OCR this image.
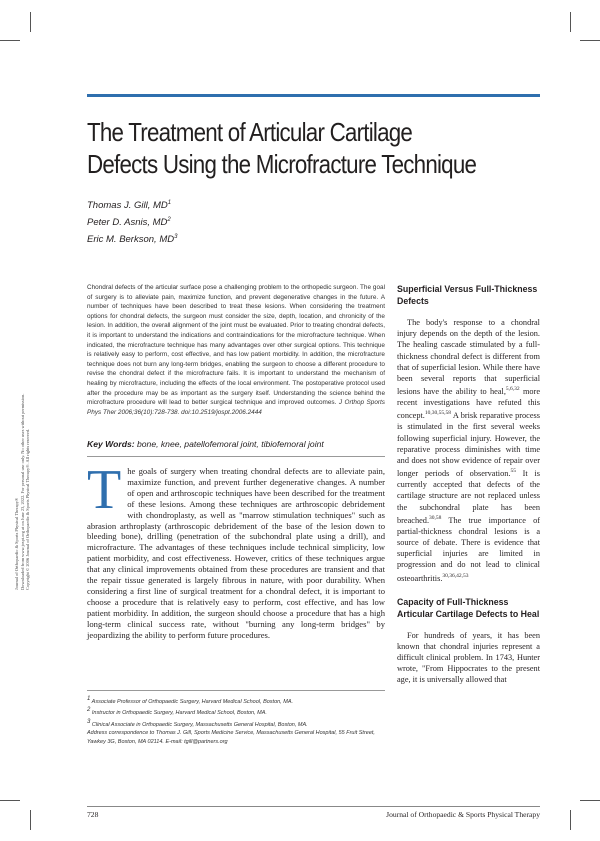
The Treatment of Articular Cartilage
Defects Using the Microfracture Technique
Thomas J. Gill, $MD^1$
Peter D. Asnis, $MD^2$
Eric M. Berkson, $MD^3$
Chondral defects of the articular surface pose a challenging problem to the orthopedic surgeon. The goal of surgery is to alleviate pain, maximize function, and prevent degenerative changes in the future. A number of techniques have been described to treat these lesions. When considering the treatment options for chondral defects, the surgeon must consider the size, depth, location, and chronicity of the lesion. In addition, the overall alignment of the joint must be evaluated. Prior to treating chondral defects, it is important to understand the indications and contraindications for the microfracture technique. When indicated, the microfracture technique has many advantages over other surgical options. This technique is relatively easy to perform, cost effective, and has low patient morbidity. In addition, the microfracture technique does not burn any long-term bridges, enabling the surgeon to choose a different procedure to revise the chondral defect if the microfracture fails. It is important to understand the mechanism of healing by microfracture, including the effects of the local environment. The postoperative protocol used after the procedure may be as important as the surgery itself. Understanding the science behind the microfracture procedure will lead to better surgical technique and improved outcomes. J Orthop Sports Phys Ther 2006;36(10):728-738. doi:10.2519/jospt.2006.2444
Key Words: bone, knee, patellofemoral joint, tibiofemoral joint
The goals of surgery when treating chondral defects are to alleviate pain, maximize function, and prevent further degenerative changes. A number of open and arthroscopic techniques have been described for the treatment of these lesions. Among these techniques are arthroscopic debridement with chondroplasty, as well as "marrow stimulation techniques" such as abrasion arthroplasty (arthroscopic debridement of the base of the lesion down to bleeding bone), drilling (penetration of the subchondral plate using a drill), and microfracture. The advantages of these techniques include technical simplicity, low patient morbidity, and cost effectiveness. However, critics of these techniques argue that any clinical improvements obtained from these procedures are transient and that the repair tissue generated is largely fibrous in nature, with poor durability. When considering a first line of surgical treatment for a chondral defect, it is important to choose a procedure that is relatively easy to perform, cost effective, and has low patient morbidity. In addition, the surgeon should choose a procedure that has a high long-term clinical success rate, without "burning any long-term bridges" by jeopardizing the ability to perform future procedures.

$^1$ Associate Professor of Orthopaedic Surgery, Harvard Medical School, Boston, MA.

$^2$ Instructor in Orthopaedic Surgery, Harvard Medical School, Boston, MA.

$^3$ Clinical Associate in Orthopaedic Surgery, Massachusetts General Hospital, Boston, MA.

Address correspondence to Thomas J. Gill, Sports Medicine Service, Massachusetts General Hospital, 55 Fruit Street, Yawkey 3G, Boston, MA 02114. E-mail: tgill@partners.org

Superficial Versus Full-Thickness Defects

The body's response to a chondral injury depends on the depth of the lesion. The healing cascade stimulated by a full-thickness chondral defect is different from that of superficial lesion. While there have been several reports that superficial lesions have the ability to heal,$^{5,6,32}$ more recent investigations have refuted this concept.$^{10,30,55,58}$ A brisk reparative process is stimulated in the first several weeks following superficial injury. However, the reparative process diminishes with time and does not show evidence of repair over longer periods of observation.$^{55}$ It is currently accepted that defects of the cartilage structure are not replaced unless the subchondral plate has been breached.$^{30,58}$ The true importance of partial-thickness chondral lesions is a source of debate. There is evidence that superficial injuries are limited in progression and do not lead to clinical osteoarthritis.$^{30,36,42,53}$

Capacity of Full-Thickness Articular Cartilage Defects to Heal

For hundreds of years, it has been known that chondral injuries represent a difficult clinical problem. In 1743, Hunter wrote, "From Hippocrates to the present age, it is universally allowed that

Journal of Orthopaedic & Sports Physical Therapy®
Downloaded from www.jospt.org at on June 23, 2022. For personal use only. No other uses without permission.
Copyright © 2006 Journal of Orthopaedic & Sports Physical Therapy®. All rights reserved.
728	Journal of Orthopaedic & Sports Physical Therapy
